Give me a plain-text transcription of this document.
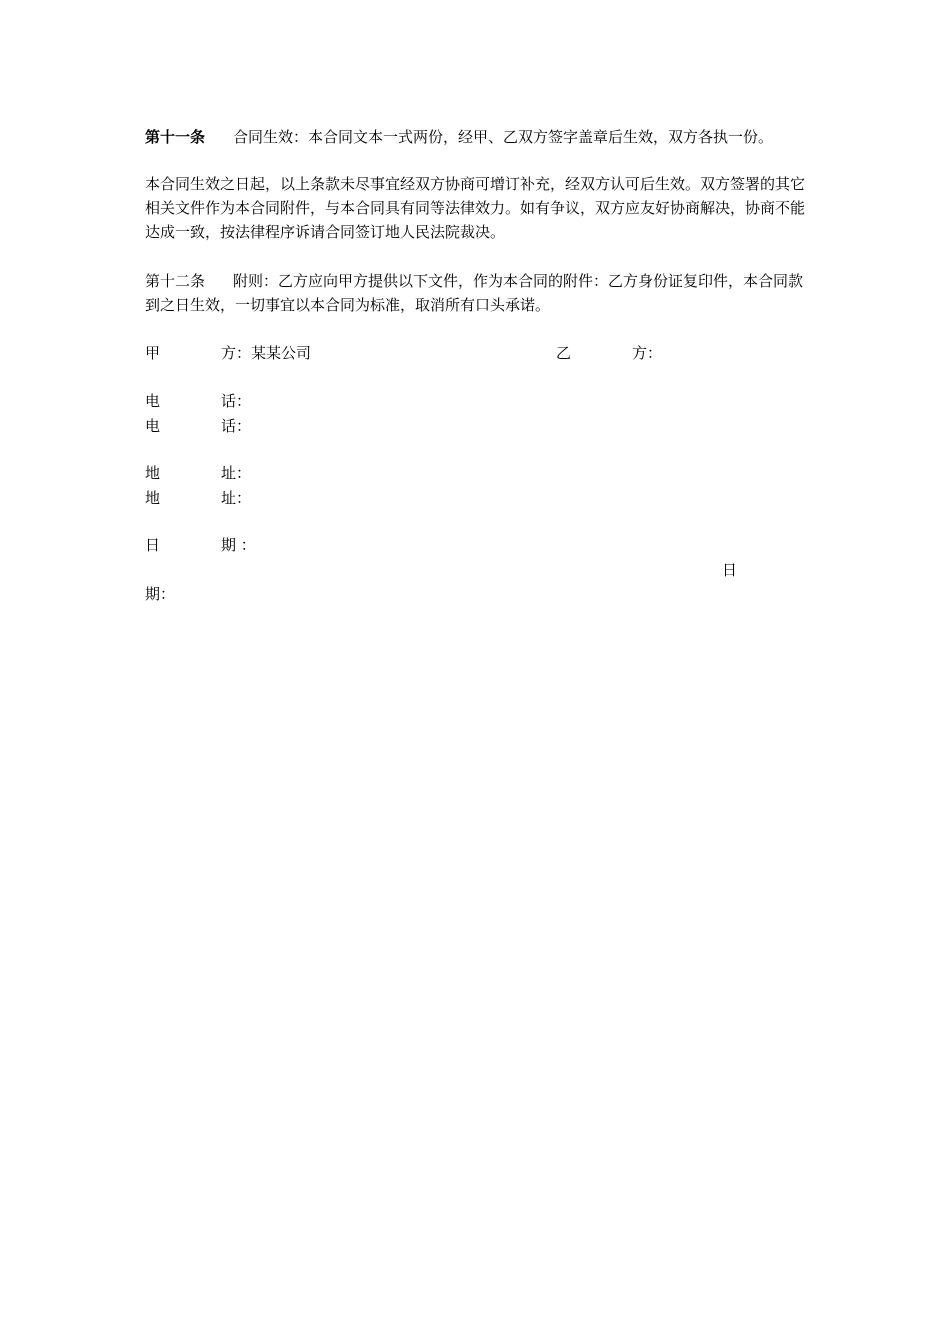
第十一条 合同生效：本合同文本一式两份，经甲、乙双方签字盖章后生效，双方各执一份。

本合同生效之日起，以上条款未尽事宜经双方协商可增订补充，经双方认可后生效。双方签署的其它相关文件作为本合同附件，与本合同具有同等法律效力。如有争议，双方应友好协商解决，协商不能达成一致，按法律程序诉请合同签订地人民法院裁决。

第十二条 附则：乙方应向甲方提供以下文件，作为本合同的附件：乙方身份证复印件，本合同款到之日生效，一切事宜以本合同为标准，取消所有口头承诺。

甲	方：某某公司	乙	方：
电	话：
电	话：
地	址：
地	址：
日	期 ：
日
期：
